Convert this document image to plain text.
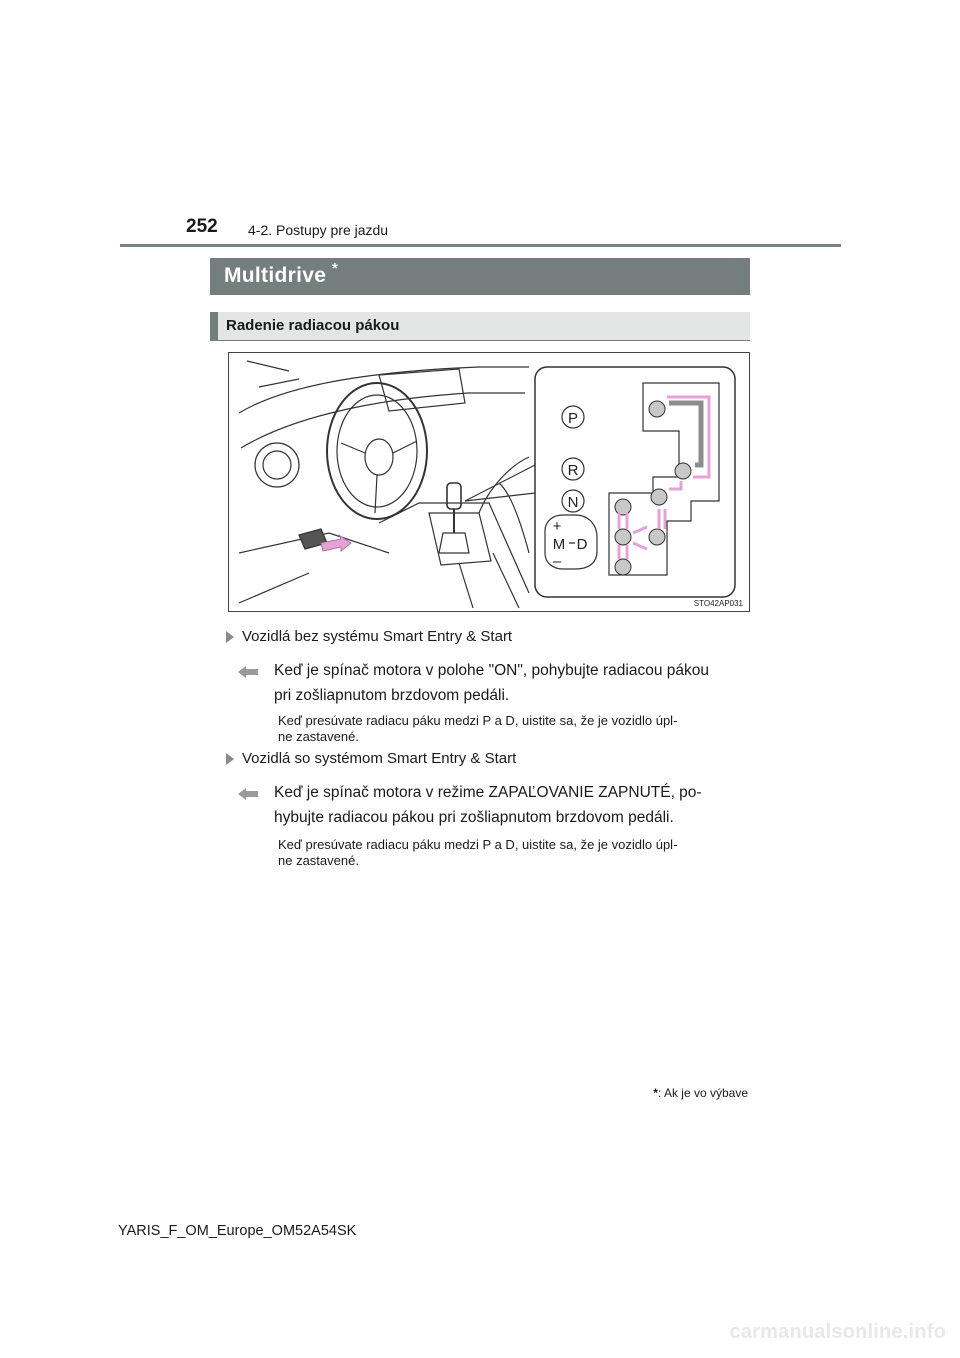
252 4-2. Postupy pre jazdu
Multidrive *
Radenie radiacou pákou
P
R
N
+
M D
–
STO42AP031
Vozidlá bez systému Smart Entry & Start
Keď je spínač motora v polohe "ON", pohybujte radiacou pákou
pri zošliapnutom brzdovom pedáli.
Keď presúvate radiacu páku medzi P a D, uistite sa, že je vozidlo úpl-
ne zastavené.
Vozidlá so systémom Smart Entry & Start
Keď je spínač motora v režime ZAPAĽOVANIE ZAPNUTÉ, po-
hybujte radiacou pákou pri zošliapnutom brzdovom pedáli.
Keď presúvate radiacu páku medzi P a D, uistite sa, že je vozidlo úpl-
ne zastavené.
*: Ak je vo výbave
YARIS_F_OM_Europe_OM52A54SK
carmanualsonline.info
